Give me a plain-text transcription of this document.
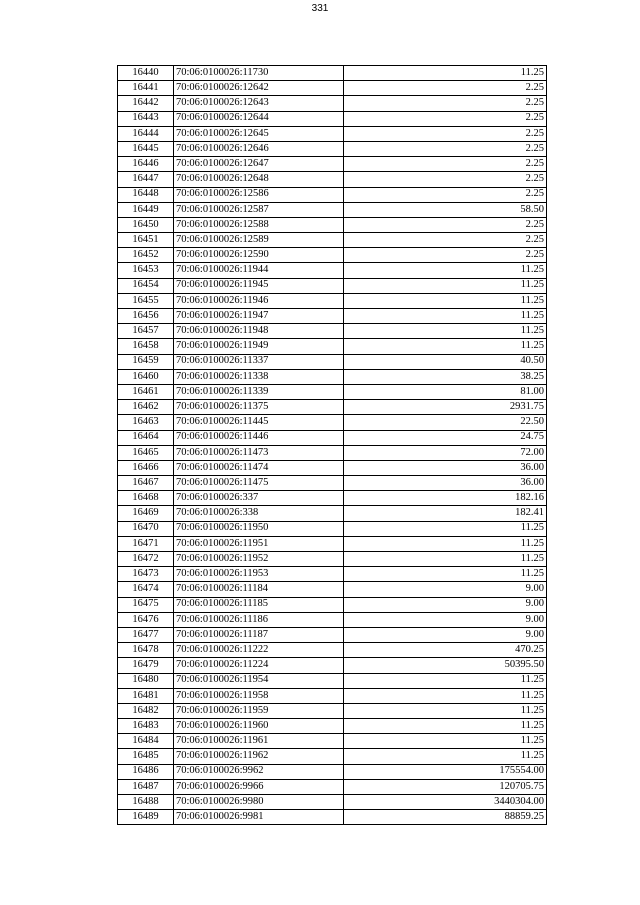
331
16440	70:06:0100026:11730	11.25
16441	70:06:0100026:12642	2.25
16442	70:06:0100026:12643	2.25
16443	70:06:0100026:12644	2.25
16444	70:06:0100026:12645	2.25
16445	70:06:0100026:12646	2.25
16446	70:06:0100026:12647	2.25
16447	70:06:0100026:12648	2.25
16448	70:06:0100026:12586	2.25
16449	70:06:0100026:12587	58.50
16450	70:06:0100026:12588	2.25
16451	70:06:0100026:12589	2.25
16452	70:06:0100026:12590	2.25
16453	70:06:0100026:11944	11.25
16454	70:06:0100026:11945	11.25
16455	70:06:0100026:11946	11.25
16456	70:06:0100026:11947	11.25
16457	70:06:0100026:11948	11.25
16458	70:06:0100026:11949	11.25
16459	70:06:0100026:11337	40.50
16460	70:06:0100026:11338	38.25
16461	70:06:0100026:11339	81.00
16462	70:06:0100026:11375	2931.75
16463	70:06:0100026:11445	22.50
16464	70:06:0100026:11446	24.75
16465	70:06:0100026:11473	72.00
16466	70:06:0100026:11474	36.00
16467	70:06:0100026:11475	36.00
16468	70:06:0100026:337	182.16
16469	70:06:0100026:338	182.41
16470	70:06:0100026:11950	11.25
16471	70:06:0100026:11951	11.25
16472	70:06:0100026:11952	11.25
16473	70:06:0100026:11953	11.25
16474	70:06:0100026:11184	9.00
16475	70:06:0100026:11185	9.00
16476	70:06:0100026:11186	9.00
16477	70:06:0100026:11187	9.00
16478	70:06:0100026:11222	470.25
16479	70:06:0100026:11224	50395.50
16480	70:06:0100026:11954	11.25
16481	70:06:0100026:11958	11.25
16482	70:06:0100026:11959	11.25
16483	70:06:0100026:11960	11.25
16484	70:06:0100026:11961	11.25
16485	70:06:0100026:11962	11.25
16486	70:06:0100026:9962	175554.00
16487	70:06:0100026:9966	120705.75
16488	70:06:0100026:9980	3440304.00
16489	70:06:0100026:9981	88859.25
